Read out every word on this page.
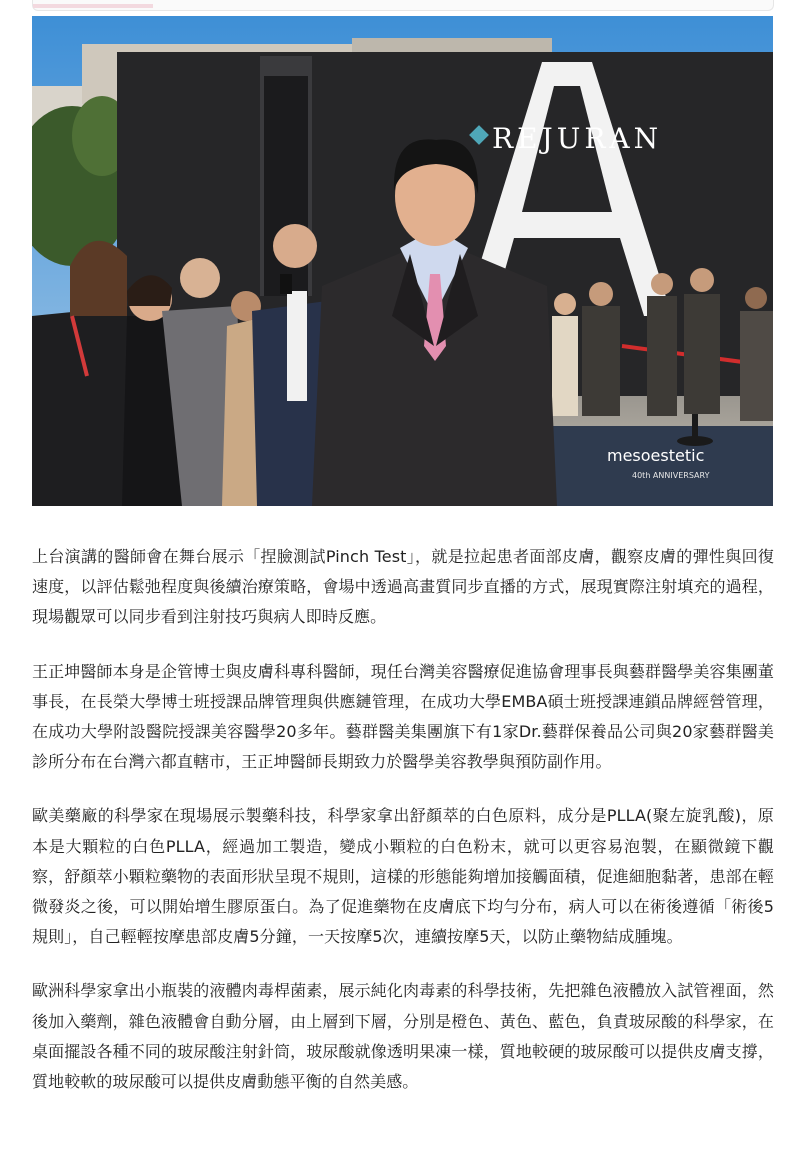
REJURAN
mesoestetic
40th ANNIVERSARY

上台演講的醫師會在舞台展示「捏臉測試Pinch Test」，就是拉起患者面部皮膚，觀察皮膚的彈性與回復速度，以評估鬆弛程度與後續治療策略，會場中透過高畫質同步直播的方式，展現實際注射填充的過程，現場觀眾可以同步看到注射技巧與病人即時反應。

王正坤醫師本身是企管博士與皮膚科專科醫師，現任台灣美容醫療促進協會理事長與藝群醫學美容集團董事長，在長榮大學博士班授課品牌管理與供應鏈管理，在成功大學EMBA碩士班授課連鎖品牌經營管理，在成功大學附設醫院授課美容醫學20多年。藝群醫美集團旗下有1家Dr.藝群保養品公司與20家藝群醫美診所分布在台灣六都直轄市，王正坤醫師長期致力於醫學美容教學與預防副作用。

歐美藥廠的科學家在現場展示製藥科技，科學家拿出舒顏萃的白色原料，成分是PLLA(聚左旋乳酸)，原本是大顆粒的白色PLLA，經過加工製造，變成小顆粒的白色粉末，就可以更容易泡製，在顯微鏡下觀察，舒顏萃小顆粒藥物的表面形狀呈現不規則，這樣的形態能夠增加接觸面積，促進細胞黏著，患部在輕微發炎之後，可以開始增生膠原蛋白。為了促進藥物在皮膚底下均勻分布，病人可以在術後遵循「術後5規則」，自己輕輕按摩患部皮膚5分鐘，一天按摩5次，連續按摩5天，以防止藥物結成腫塊。

歐洲科學家拿出小瓶裝的液體肉毒桿菌素，展示純化肉毒素的科學技術，先把雜色液體放入試管裡面，然後加入藥劑，雜色液體會自動分層，由上層到下層，分別是橙色、黃色、藍色，負責玻尿酸的科學家，在桌面擺設各種不同的玻尿酸注射針筒，玻尿酸就像透明果凍一樣，質地較硬的玻尿酸可以提供皮膚支撐，質地較軟的玻尿酸可以提供皮膚動態平衡的自然美感。
